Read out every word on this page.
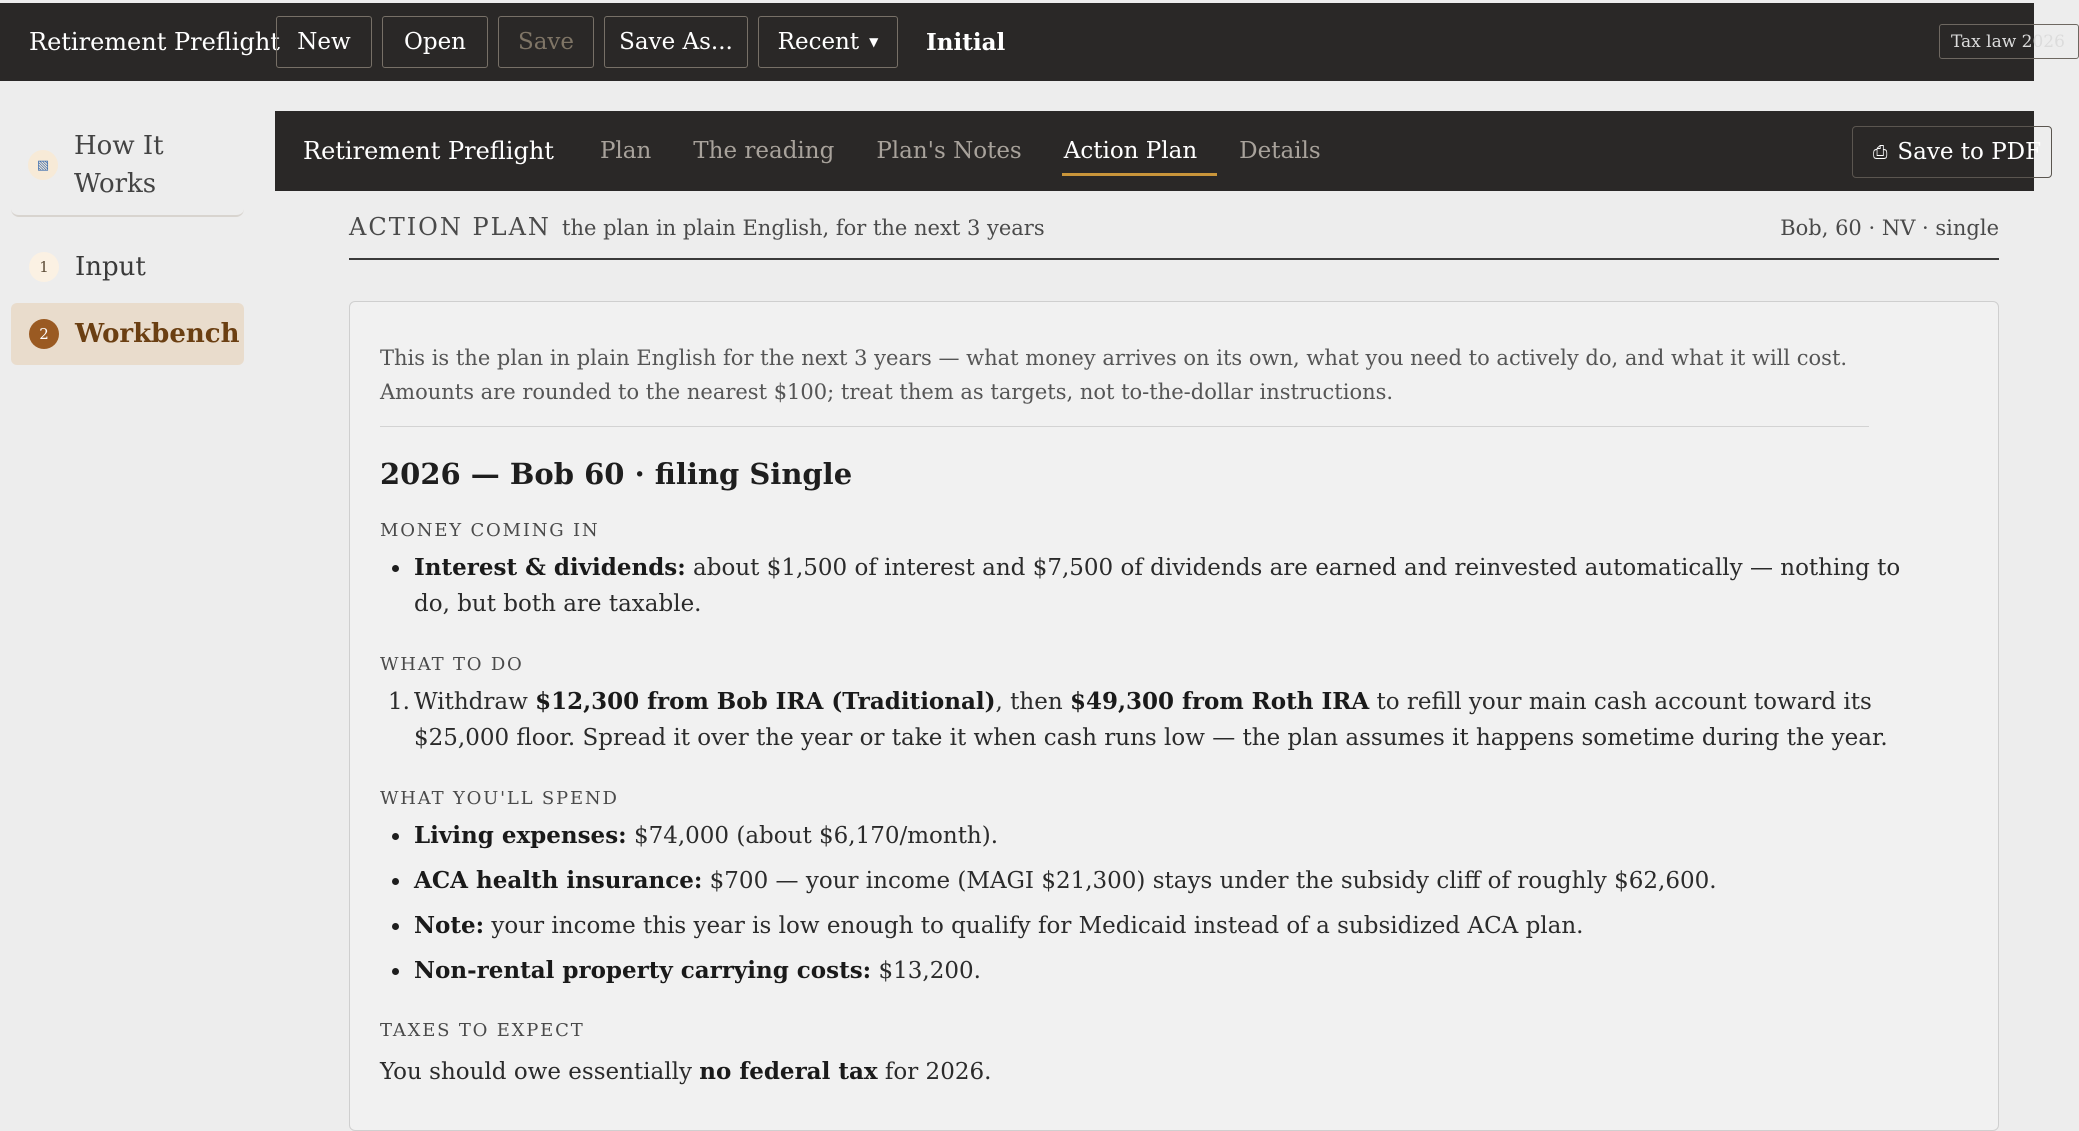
Retirement Preflight New	Open	Save	Save As...	Recent ▼ Initial	Tax law 2026
▧
How It Works
1	Input
2	Workbench
Retirement Preflight Plan The reading Plan's Notes Action Plan Details	⎙ Save to PDF
ACTION PLAN the plan in plain English, for the next 3 years	Bob, 60 · NV · single

This is the plan in plain English for the next 3 years — what money arrives on its own, what you need to actively do, and what it will cost. Amounts are rounded to the nearest $100; treat them as targets, not to-the-dollar instructions.

2026 — Bob 60 · filing Single
MONEY COMING IN
Interest & dividends: about $1,500 of interest and $7,500 of dividends are earned and reinvested automatically — nothing to do, but both are taxable.
WHAT TO DO
1. Withdraw $12,300 from Bob IRA (Traditional), then $49,300 from Roth IRA to refill your main cash account toward its $25,000 floor. Spread it over the year or take it when cash runs low — the plan assumes it happens sometime during the year.
WHAT YOU'LL SPEND
Living expenses: $74,000 (about $6,170/month).
ACA health insurance: $700 — your income (MAGI $21,300) stays under the subsidy cliff of roughly $62,600.
Note: your income this year is low enough to qualify for Medicaid instead of a subsidized ACA plan.
Non-rental property carrying costs: $13,200.
TAXES TO EXPECT

You should owe essentially no federal tax for 2026.
